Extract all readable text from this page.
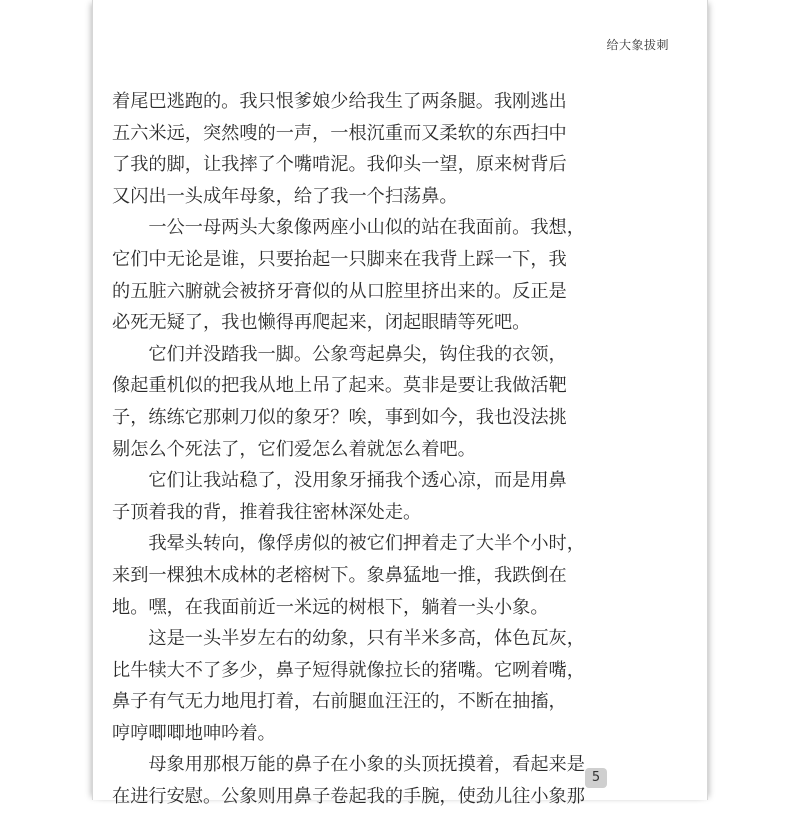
给大象拔刺

着尾巴逃跑的。我只恨爹娘少给我生了两条腿。我刚逃出

五六米远，突然嗖的一声，一根沉重而又柔软的东西扫中

了我的脚，让我摔了个嘴啃泥。我仰头一望，原来树背后

又闪出一头成年母象，给了我一个扫荡鼻。

　　一公一母两头大象像两座小山似的站在我面前。我想，

它们中无论是谁，只要抬起一只脚来在我背上踩一下，我

的五脏六腑就会被挤牙膏似的从口腔里挤出来的。反正是

必死无疑了，我也懒得再爬起来，闭起眼睛等死吧。

　　它们并没踏我一脚。公象弯起鼻尖，钩住我的衣领，

像起重机似的把我从地上吊了起来。莫非是要让我做活靶

子，练练它那刺刀似的象牙？唉，事到如今，我也没法挑

剔怎么个死法了，它们爱怎么着就怎么着吧。

　　它们让我站稳了，没用象牙捅我个透心凉，而是用鼻

子顶着我的背，推着我往密林深处走。

　　我晕头转向，像俘虏似的被它们押着走了大半个小时，

来到一棵独木成林的老榕树下。象鼻猛地一推，我跌倒在

地。嘿，在我面前近一米远的树根下，躺着一头小象。

　　这是一头半岁左右的幼象，只有半米多高，体色瓦灰，

比牛犊大不了多少，鼻子短得就像拉长的猪嘴。它咧着嘴，

鼻子有气无力地甩打着，右前腿血汪汪的，不断在抽搐，

哼哼唧唧地呻吟着。

　　母象用那根万能的鼻子在小象的头顶抚摸着，看起来是

在进行安慰。公象则用鼻子卷起我的手腕，使劲儿往小象那

5
